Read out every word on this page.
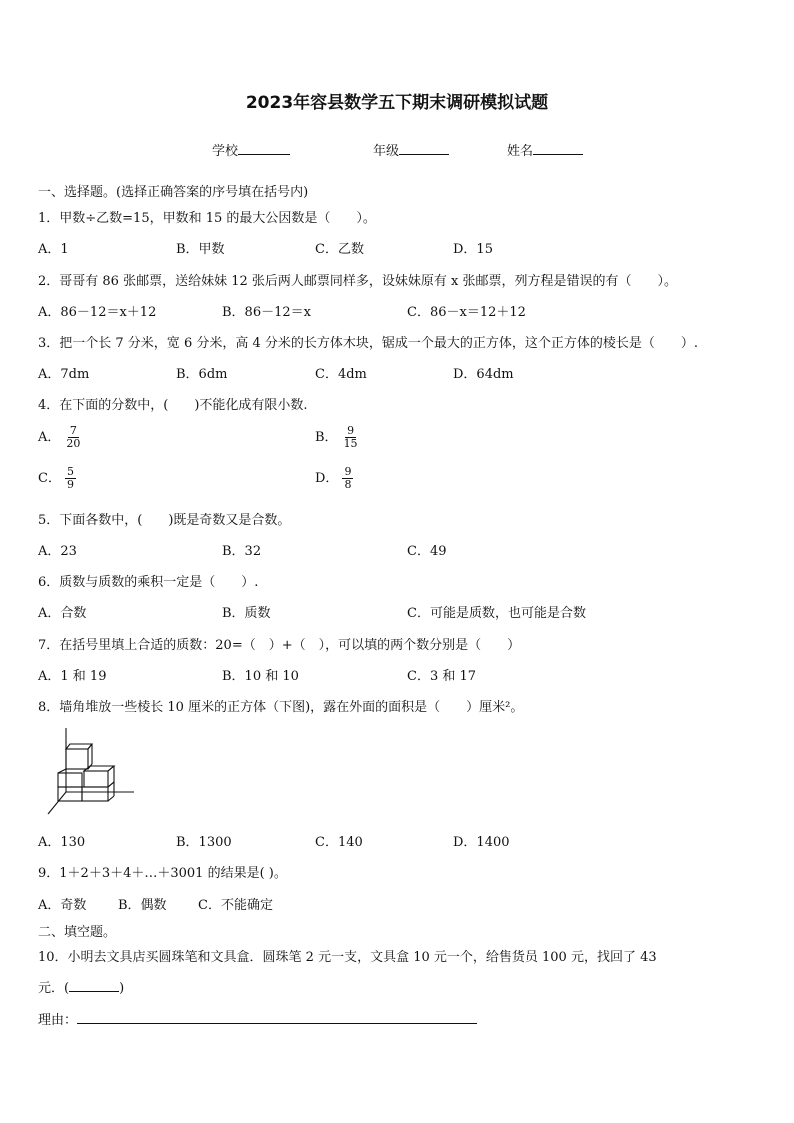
2023年容县数学五下期末调研模拟试题
学校	年级	姓名
一、选择题。(选择正确答案的序号填在括号内)
1．甲数÷乙数=15，甲数和 15 的最大公因数是（　　）。
A．1	B．甲数	C．乙数	D．15
2．哥哥有 86 张邮票，送给妹妹 12 张后两人邮票同样多，设妹妹原有 x 张邮票，列方程是错误的有（　　）。
A．86－12＝x＋12	B．86－12＝x	C．86－x＝12＋12
3．把一个长 7 分米，宽 6 分米，高 4 分米的长方体木块，锯成一个最大的正方体，这个正方体的棱长是（　　）.
A．7dm	B．6dm	C．4dm	D．64dm
4．在下面的分数中，(　　)不能化成有限小数.
A． $\frac{7}{20}$	B． $\frac{9}{15}$
C． $\frac{5}{9}$	D． $\frac{9}{8}$
5．下面各数中，(　　)既是奇数又是合数。
A．23	B．32	C．49
6．质数与质数的乘积一定是（　　）.
A．合数	B．质数	C．可能是质数，也可能是合数
7．在括号里填上合适的质数：20=（　）+（　），可以填的两个数分别是（　　）
A．1 和 19	B．10 和 10	C．3 和 17
8．墙角堆放一些棱长 10 厘米的正方体（下图)，露在外面的面积是（　　）厘米²。
A．130	B．1300	C．140	D．1400
9．1＋2＋3＋4＋…＋3001 的结果是( )。
A．奇数 B．偶数 C．不能确定
二、填空题。
10．小明去文具店买圆珠笔和文具盒．圆珠笔 2 元一支，文具盒 10 元一个，给售货员 100 元，找回了 43
元．(	)
理由：
